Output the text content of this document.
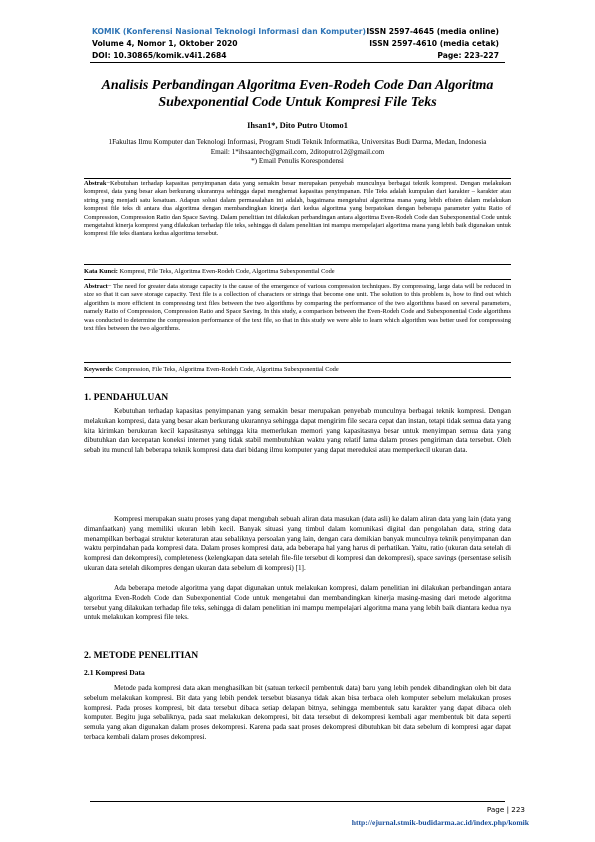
KOMIK (Konferensi Nasional Teknologi Informasi dan Komputer)
Volume 4, Nomor 1, Oktober 2020
DOI: 10.30865/komik.v4i1.2684
ISSN 2597-4645 (media online)
ISSN 2597-4610 (media cetak)
Page: 223-227
Analisis Perbandingan Algoritma Even-Rodeh Code Dan Algoritma Subexponential Code Untuk Kompresi File Teks
Ihsan1*, Dito Putro Utomo1
1Fakultas Ilmu Komputer dan Teknologi Informasi, Program Studi Teknik Informatika, Universitas Budi Darma, Medan, Indonesia
Email: 1*ihsaantech@gmail.com, 2ditoputro12@gmail.com
*) Email Penulis Korespondensi
Abstrak−Kebutuhan terhadap kapasitas penyimpanan data yang semakin besar merupakan penyebab munculnya berbagai teknik kompresi. Dengan melakukan kompresi, data yang besar akan berkurang ukurannya sehingga dapat menghemat kapasitas penyimpanan. File Teks adalah kumpulan dari karakter – karakter atau string yang menjadi satu kesatuan. Adapun solusi dalam permasalahan ini adalah, bagaimana mengetahui algoritma mana yang lebih efisien dalam melakukan kompresi file teks di antara dua algoritma dengan membandingkan kinerja dari kedua algoritma yang berpatokan dengan beberapa parameter yaitu Ratio of Compression, Compression Ratio dan Space Saving. Dalam penelitian ini dilakukan perbandingan antara algoritma Even-Rodeh Code dan Subexponential Code untuk mengetahui kinerja kompresi yang dilakukan terhadap file teks, sehingga di dalam penelitian ini mampu mempelajari algoritma mana yang lebih baik digunakan untuk kompresi file teks diantara kedua algoritma tersebut.
Kata Kunci: Kompresi, File Teks, Algoritma Even-Rodeh Code, Algoritma Subexponential Code
Abstract− The need for greater data storage capacity is the cause of the emergence of various compression techniques. By compressing, large data will be reduced in size so that it can save storage capacity. Text file is a collection of characters or strings that become one unit. The solution to this problem is, how to find out which algorithm is more efficient in compressing text files between the two algorithms by comparing the performance of the two algorithms based on several parameters, namely Ratio of Compression, Compression Ratio and Space Saving. In this study, a comparison between the Even-Rodeh Code and Subexponential Code algorithms was conducted to determine the compression performance of the text file, so that in this study we were able to learn which algorithm was better used for compressing text files between the two algorithms.
Keywords: Compression, File Teks, Algoritma Even-Rodeh Code, Algoritma Subexponential Code
1. PENDAHULUAN
Kebutuhan terhadap kapasitas penyimpanan yang semakin besar merupakan penyebab munculnya berbagai teknik kompresi. Dengan melakukan kompresi, data yang besar akan berkurang ukurannya sehingga dapat mengirim file secara cepat dan instan, tetapi tidak semua data yang kita kirimkan berukuran kecil kapasitasnya sehingga kita memerlukan memori yang kapasitasnya besar untuk menyimpan semua data yang dibutuhkan dan kecepatan koneksi internet yang tidak stabil membutuhkan waktu yang relatif lama dalam proses pengiriman data tersebut. Oleh sebab itu muncul lah beberapa teknik kompresi data dari bidang ilmu komputer yang dapat mereduksi atau memperkecil ukuran data.
Kompresi merupakan suatu proses yang dapat mengubah sebuah aliran data masukan (data asli) ke dalam aliran data yang lain (data yang dimanfaatkan) yang memiliki ukuran lebih kecil. Banyak situasi yang timbul dalam komunikasi digital dan pengolahan data, string data menampilkan berbagai struktur keteraturan atau sebaliknya persoalan yang lain, dengan cara demikian banyak munculnya teknik penyimpanan dan waktu perpindahan pada kompresi data. Dalam proses kompresi data, ada beberapa hal yang harus di perhatikan. Yaitu, ratio (ukuran data setelah di kompresi dan dekompresi), completeness (kelengkapan data setelah file-file tersebut di kompresi dan dekompresi), space savings (persentase selisih ukuran data setelah dikompres dengan ukuran data sebelum di kompresi) [1].
Ada beberapa metode algoritma yang dapat digunakan untuk melakukan kompresi, dalam penelitian ini dilakukan perbandingan antara algoritma Even-Rodeh Code dan Subexponential Code untuk mengetahui dan membandingkan kinerja masing-masing dari metode algoritma tersebut yang dilakukan terhadap file teks, sehingga di dalam penelitian ini mampu mempelajari algoritma mana yang lebih baik diantara kedua nya untuk melakukan kompresi file teks.
2. METODE PENELITIAN
2.1 Kompresi Data
Metode pada kompresi data akan menghasilkan bit (satuan terkecil pembentuk data) baru yang lebih pendek dibandingkan oleh bit data sebelum melakukan kompresi. Bit data yang lebih pendek tersebut biasanya tidak akan bisa terbaca oleh komputer sebelum melakukan proses kompresi. Pada proses kompresi, bit data tersebut dibaca setiap delapan bitnya, sehingga membentuk satu karakter yang dapat dibaca oleh komputer. Begitu juga sebaliknya, pada saat melakukan dekompresi, bit data tersebut di dekompresi kembali agar membentuk bit data seperti semula yang akan digunakan dalam proses dekompresi. Karena pada saat proses dekompresi dibutuhkan bit data sebelum di kompresi agar dapat terbaca kembali dalam proses dekompresi.
Page | 223
http://ejurnal.stmik-budidarma.ac.id/index.php/komik
